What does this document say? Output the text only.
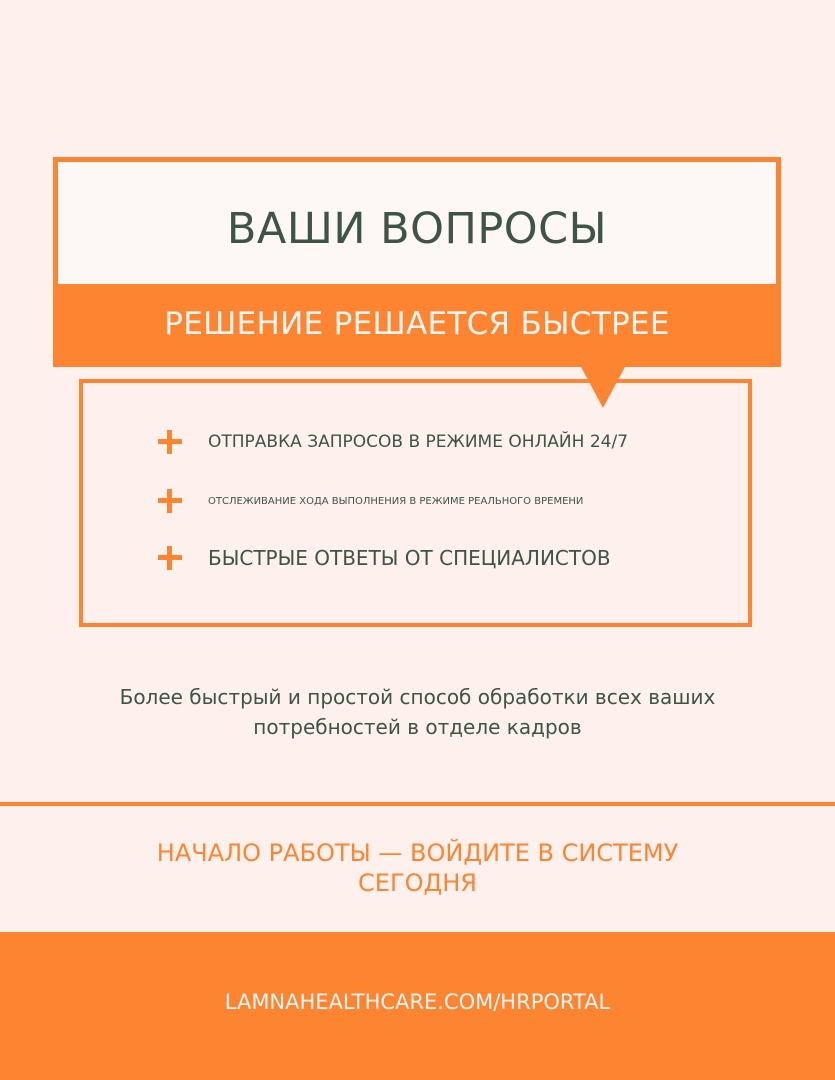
ВАШИ ВОПРОСЫ
РЕШЕНИЕ РЕШАЕТСЯ БЫСТРЕЕ
ОТПРАВКА ЗАПРОСОВ В РЕЖИМЕ ОНЛАЙН 24/7
ОТСЛЕЖИВАНИЕ ХОДА ВЫПОЛНЕНИЯ В РЕЖИМЕ РЕАЛЬНОГО ВРЕМЕНИ
БЫСТРЫЕ ОТВЕТЫ ОТ СПЕЦИАЛИСТОВ
Более быстрый и простой способ обработки всех ваших
потребностей в отделе кадров
НАЧАЛО РАБОТЫ — ВОЙДИТЕ В СИСТЕМУ
СЕГОДНЯ
LAMNAHEALTHCARE.COM/HRPORTAL
